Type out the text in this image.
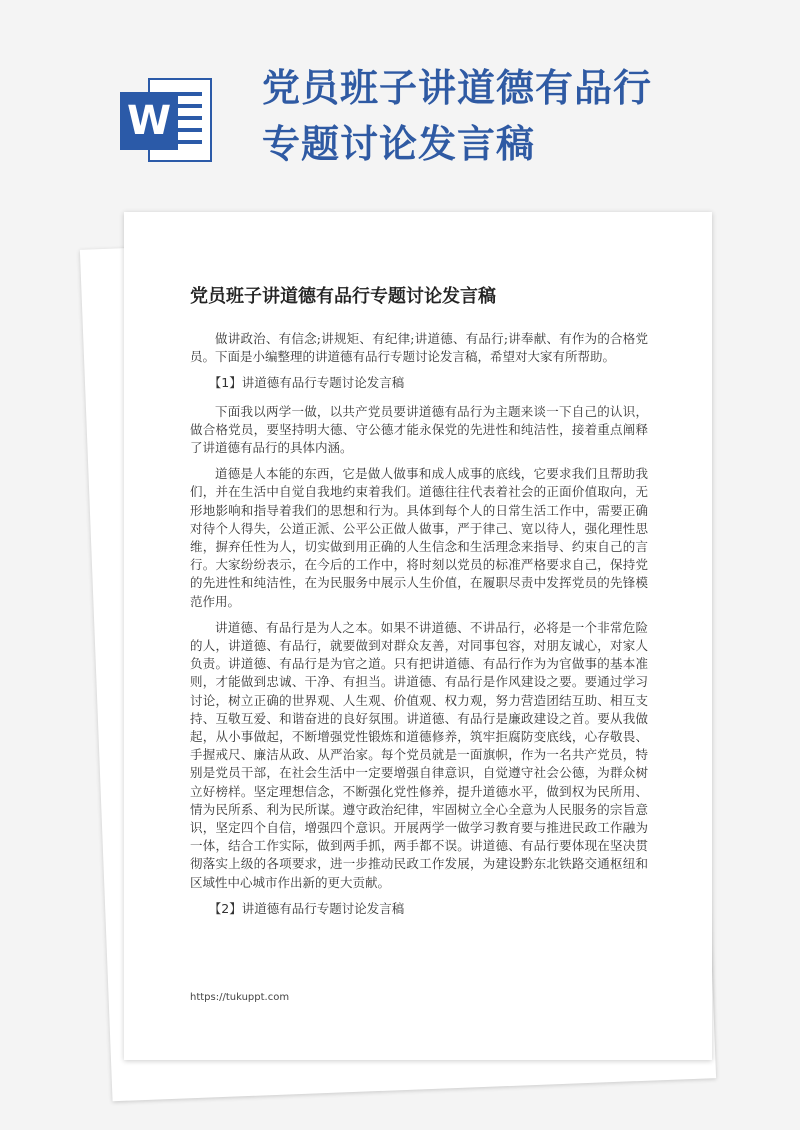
W
党员班子讲道德有品行
专题讨论发言稿
党员班子讲道德有品行专题讨论发言稿

做讲政治、有信念;讲规矩、有纪律;讲道德、有品行;讲奉献、有作为的合格党员。下面是小编整理的讲道德有品行专题讨论发言稿，希望对大家有所帮助。

【1】讲道德有品行专题讨论发言稿

下面我以两学一做，以共产党员要讲道德有品行为主题来谈一下自己的认识，做合格党员，要坚持明大德、守公德才能永保党的先进性和纯洁性，接着重点阐释了讲道德有品行的具体内涵。

道德是人本能的东西，它是做人做事和成人成事的底线，它要求我们且帮助我们，并在生活中自觉自我地约束着我们。道德往往代表着社会的正面价值取向，无形地影响和指导着我们的思想和行为。具体到每个人的日常生活工作中，需要正确对待个人得失，公道正派、公平公正做人做事，严于律己、宽以待人，强化理性思维，摒弃任性为人，切实做到用正确的人生信念和生活理念来指导、约束自己的言行。大家纷纷表示，在今后的工作中，将时刻以党员的标准严格要求自己，保持党的先进性和纯洁性，在为民服务中展示人生价值，在履职尽责中发挥党员的先锋模范作用。

讲道德、有品行是为人之本。如果不讲道德、不讲品行，必将是一个非常危险的人，讲道德、有品行，就要做到对群众友善，对同事包容，对朋友诚心，对家人负责。讲道德、有品行是为官之道。只有把讲道德、有品行作为为官做事的基本准则，才能做到忠诚、干净、有担当。讲道德、有品行是作风建设之要。要通过学习讨论，树立正确的世界观、人生观、价值观、权力观，努力营造团结互助、相互支持、互敬互爱、和谐奋进的良好氛围。讲道德、有品行是廉政建设之首。要从我做起，从小事做起，不断增强党性锻炼和道德修养，筑牢拒腐防变底线，心存敬畏、手握戒尺、廉洁从政、从严治家。每个党员就是一面旗帜，作为一名共产党员，特别是党员干部，在社会生活中一定要增强自律意识，自觉遵守社会公德，为群众树立好榜样。坚定理想信念，不断强化党性修养，提升道德水平，做到权为民所用、情为民所系、利为民所谋。遵守政治纪律，牢固树立全心全意为人民服务的宗旨意识，坚定四个自信，增强四个意识。开展两学一做学习教育要与推进民政工作融为一体，结合工作实际，做到两手抓，两手都不误。讲道德、有品行要体现在坚决贯彻落实上级的各项要求，进一步推动民政工作发展，为建设黔东北铁路交通枢纽和区域性中心城市作出新的更大贡献。

【2】讲道德有品行专题讨论发言稿

https://tukuppt.com
